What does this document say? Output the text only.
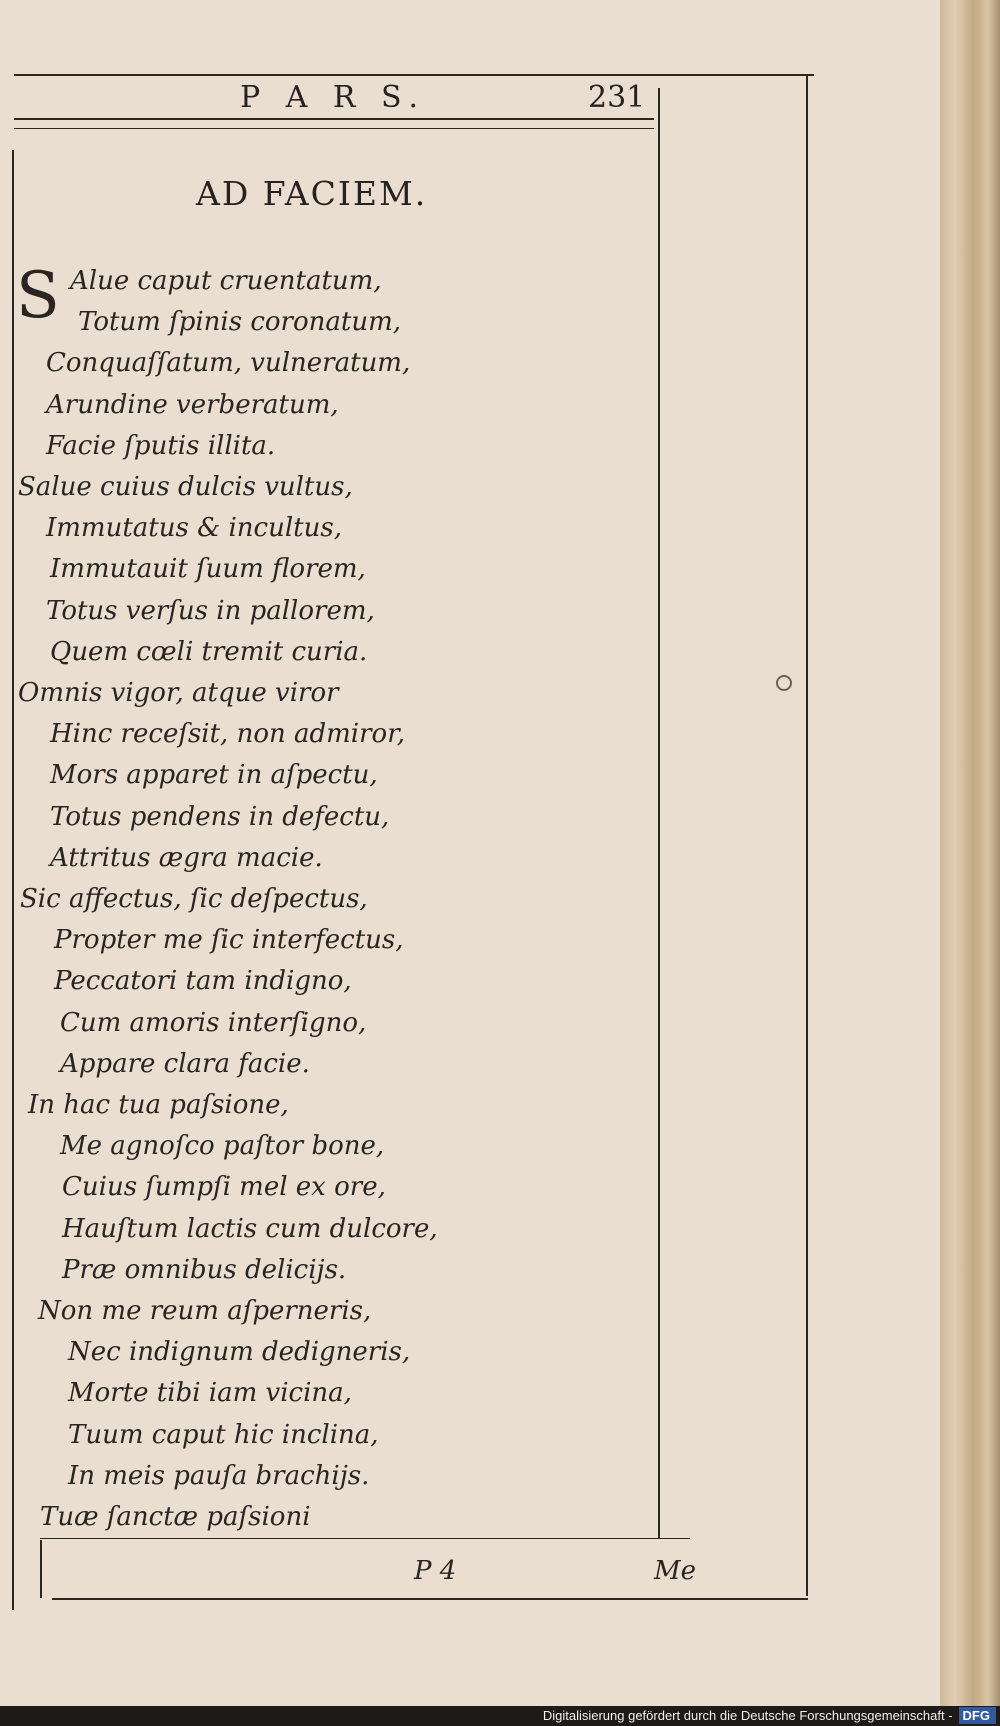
P A R S.	231
AD FACIEM.
S Alue caput cruentatum,
Totum ſpinis coronatum,
Conquaſſatum, vulneratum,
Arundine verberatum,
Facie ſputis illita.
Salue cuius dulcis vultus,
Immutatus & incultus,
Immutauit ſuum florem,
Totus verſus in pallorem,
Quem cœli tremit curia.
Omnis vigor, atque viror
Hinc receſsit, non admiror,
Mors apparet in aſpectu,
Totus pendens in defectu,
Attritus ægra macie.
Sic affectus, ſic deſpectus,
Propter me ſic interfectus,
Peccatori tam indigno,
Cum amoris interſigno,
Appare clara facie.
In hac tua paſsione,
Me agnoſco paſtor bone,
Cuius ſumpſi mel ex ore,
Hauſtum lactis cum dulcore,
Præ omnibus delicijs.
Non me reum aſperneris,
Nec indignum dedigneris,
Morte tibi iam vicina,
Tuum caput hic inclina,
In meis pauſa brachijs.
Tuæ ſanctæ paſsioni
P 4	Me
Digitalisierung gefördert durch die Deutsche Forschungsgemeinschaft - DFG
